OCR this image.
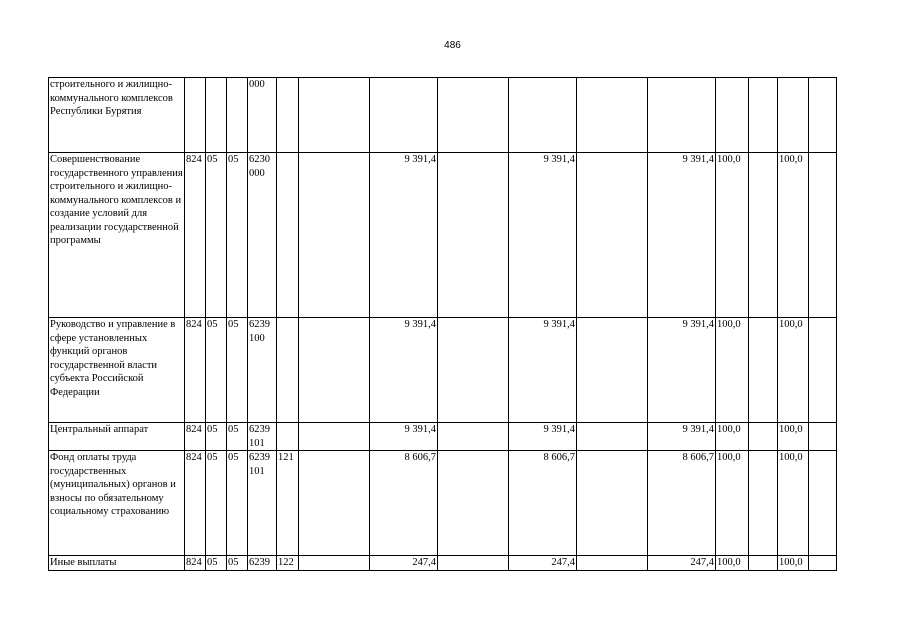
486
строительного и жилищно-коммунального комплексов Республики Бурятия				000											
Совершенствование государственного управления строительного и жилищно-коммунального комплексов и создание условий для реализации государственной программы	824	05	05	6230 000			9 391,4		9 391,4		9 391,4	100,0		100,0	
Руководство и управление в сфере установленных функций органов государственной власти субъекта Российской Федерации	824	05	05	6239 100			9 391,4		9 391,4		9 391,4	100,0		100,0	
Центральный аппарат	824	05	05	6239 101			9 391,4		9 391,4		9 391,4	100,0		100,0	
Фонд оплаты труда государственных (муниципальных) органов и взносы по обязательному социальному страхованию	824	05	05	6239 101	121		8 606,7		8 606,7		8 606,7	100,0		100,0	
Иные выплаты	824	05	05	6239	122		247,4		247,4		247,4	100,0		100,0	
